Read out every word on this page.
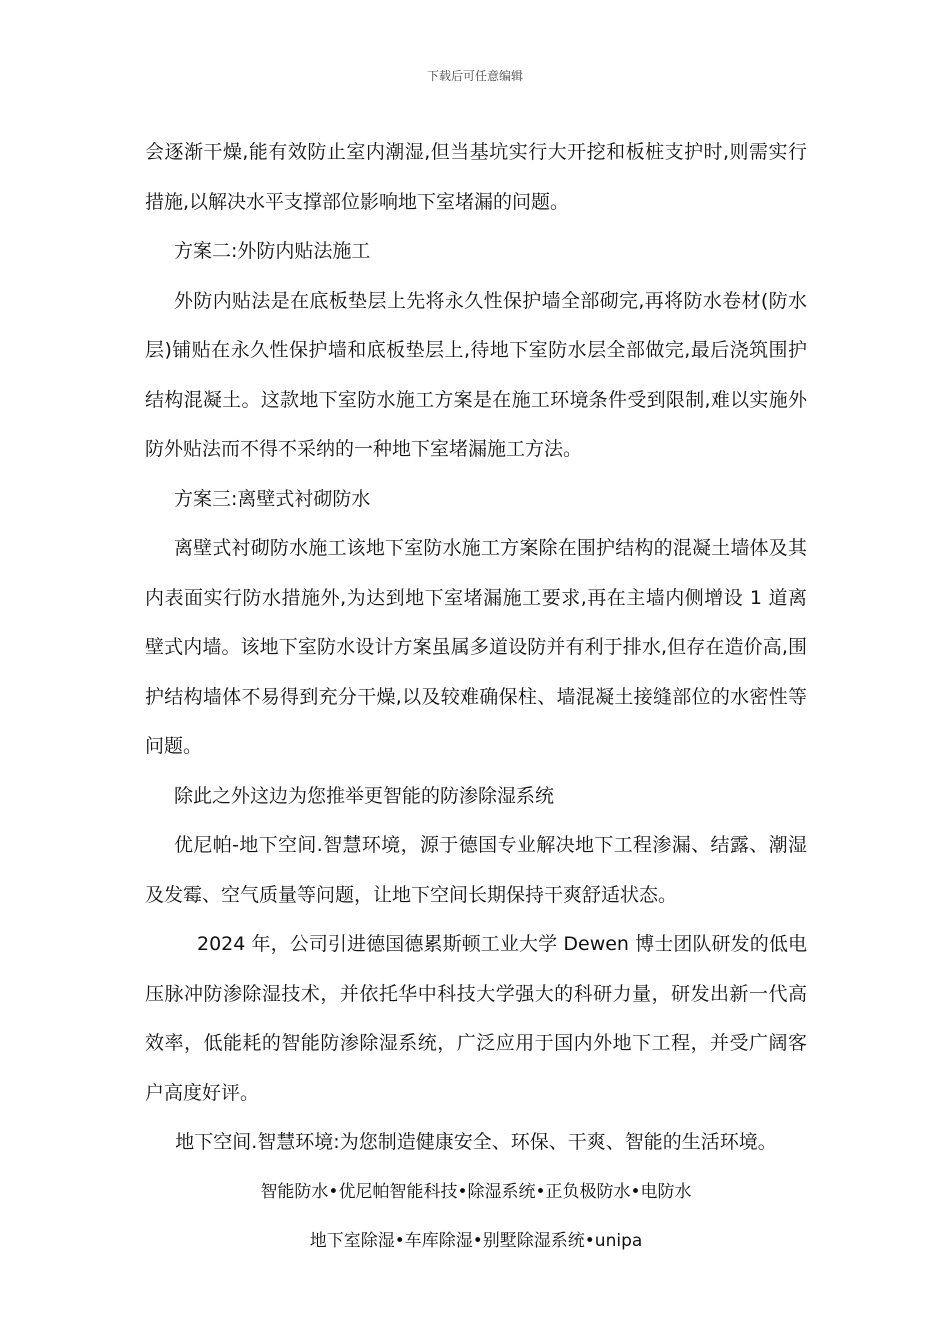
下载后可任意编辑

会逐渐干燥,能有效防止室内潮湿,但当基坑实行大开挖和板桩支护时,则需实行措施,以解决水平支撑部位影响地下室堵漏的问题。

方案二:外防内贴法施工

外防内贴法是在底板垫层上先将永久性保护墙全部砌完,再将防水卷材(防水层)铺贴在永久性保护墙和底板垫层上,待地下室防水层全部做完,最后浇筑围护结构混凝土。这款地下室防水施工方案是在施工环境条件受到限制,难以实施外防外贴法而不得不采纳的一种地下室堵漏施工方法。

方案三:离壁式衬砌防水

离壁式衬砌防水施工该地下室防水施工方案除在围护结构的混凝土墙体及其内表面实行防水措施外,为达到地下室堵漏施工要求,再在主墙内侧增设 1 道离壁式内墙。该地下室防水设计方案虽属多道设防并有利于排水,但存在造价高,围护结构墙体不易得到充分干燥,以及较难确保柱、墙混凝土接缝部位的水密性等问题。

除此之外这边为您推举更智能的防渗除湿系统

优尼帕-地下空间.智慧环境，源于德国专业解决地下工程渗漏、结露、潮湿及发霉、空气质量等问题，让地下空间长期保持干爽舒适状态。

2024 年，公司引进德国德累斯顿工业大学 Dewen 博士团队研发的低电压脉冲防渗除湿技术，并依托华中科技大学强大的科研力量，研发出新一代高效率，低能耗的智能防渗除湿系统，广泛应用于国内外地下工程，并受广阔客户高度好评。

地下空间.智慧环境:为您制造健康安全、环保、干爽、智能的生活环境。

智能防水•优尼帕智能科技•除湿系统•正负极防水•电防水

地下室除湿•车库除湿•别墅除湿系统•unipa
